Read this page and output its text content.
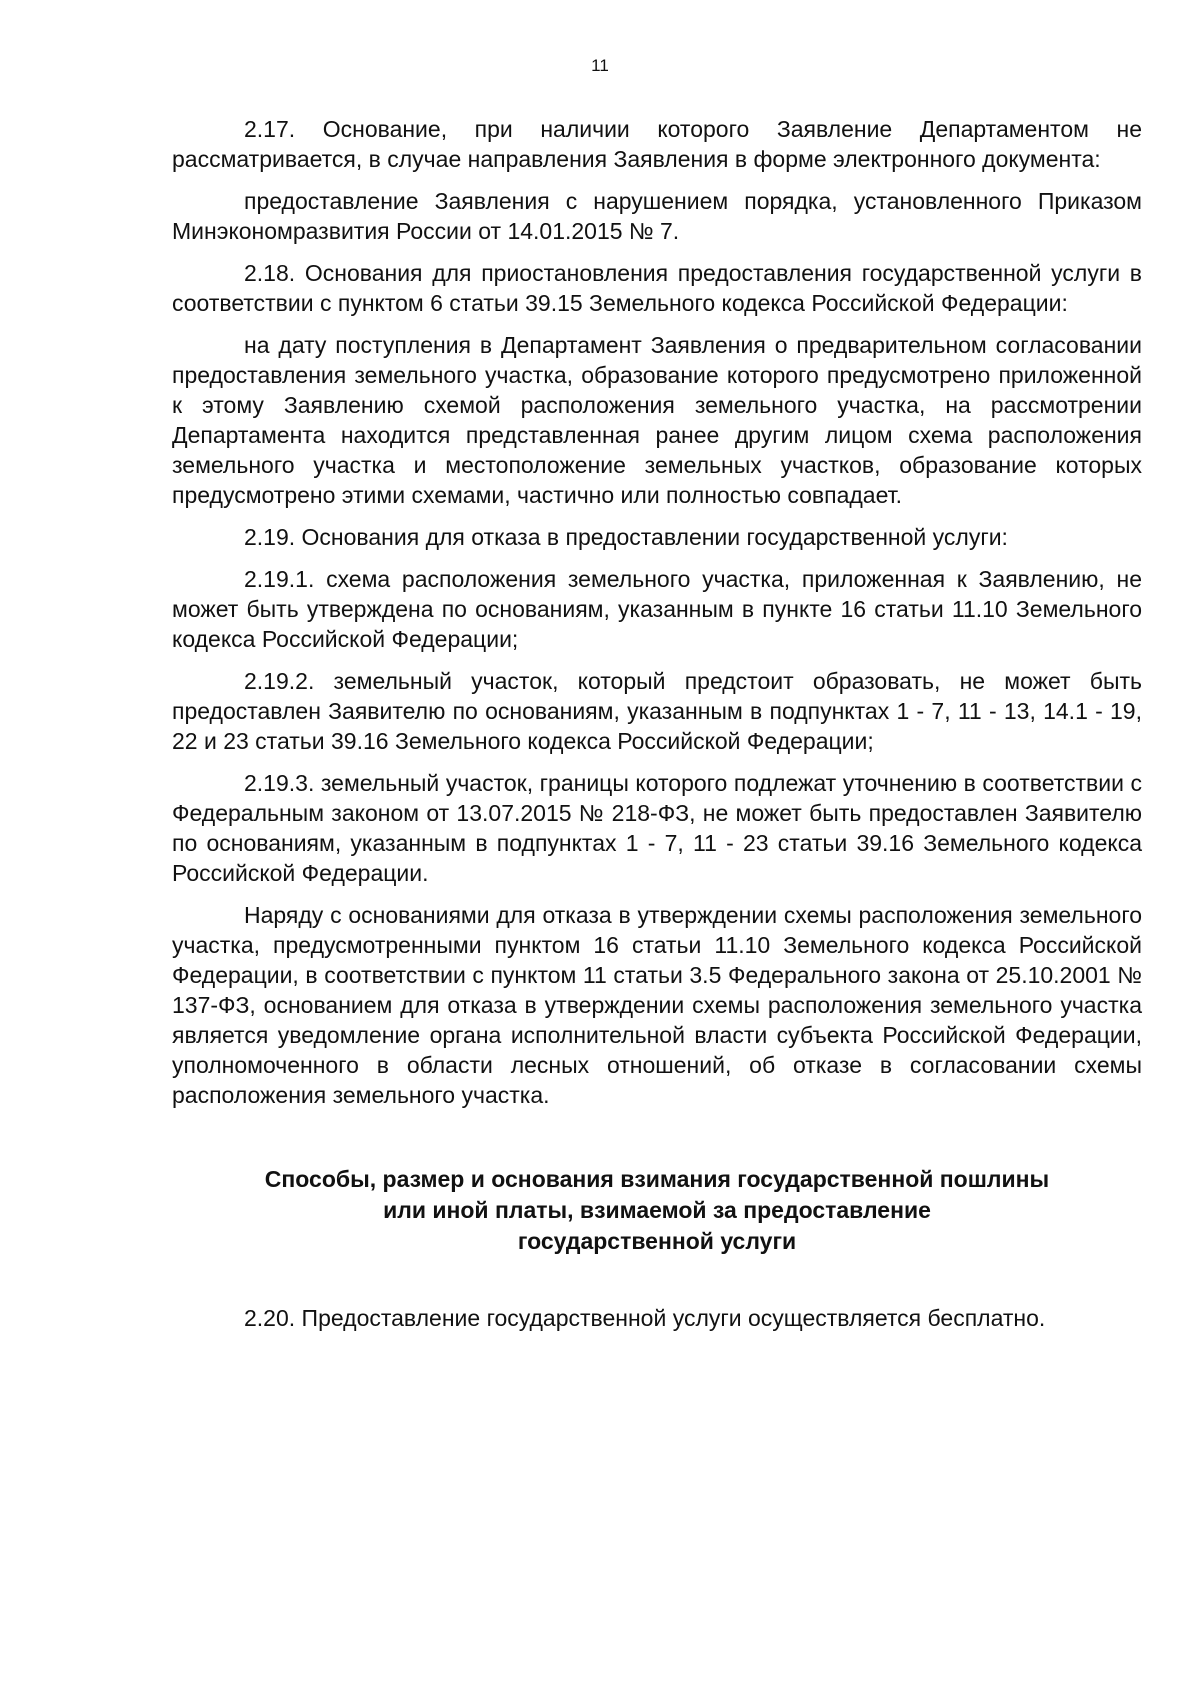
11

2.17. Основание, при наличии которого Заявление Департаментом не рассматривается, в случае направления Заявления в форме электронного документа:

предоставление Заявления с нарушением порядка, установленного Приказом Минэкономразвития России от 14.01.2015 № 7.

2.18. Основания для приостановления предоставления государственной услуги в соответствии с пунктом 6 статьи 39.15 Земельного кодекса Российской Федерации:

на дату поступления в Департамент Заявления о предварительном согласовании предоставления земельного участка, образование которого предусмотрено приложенной к этому Заявлению схемой расположения земельного участка, на рассмотрении Департамента находится представленная ранее другим лицом схема расположения земельного участка и местоположение земельных участков, образование которых предусмотрено этими схемами, частично или полностью совпадает.

2.19. Основания для отказа в предоставлении государственной услуги:

2.19.1. схема расположения земельного участка, приложенная к Заявлению, не может быть утверждена по основаниям, указанным в пункте 16 статьи 11.10 Земельного кодекса Российской Федерации;

2.19.2. земельный участок, который предстоит образовать, не может быть предоставлен Заявителю по основаниям, указанным в подпунктах 1 - 7, 11 - 13, 14.1 - 19, 22 и 23 статьи 39.16 Земельного кодекса Российской Федерации;

2.19.3. земельный участок, границы которого подлежат уточнению в соответствии с Федеральным законом от 13.07.2015 № 218-ФЗ, не может быть предоставлен Заявителю по основаниям, указанным в подпунктах 1 - 7, 11 - 23 статьи 39.16 Земельного кодекса Российской Федерации.

Наряду с основаниями для отказа в утверждении схемы расположения земельного участка, предусмотренными пунктом 16 статьи 11.10 Земельного кодекса Российской Федерации, в соответствии с пунктом 11 статьи 3.5 Федерального закона от 25.10.2001 № 137-ФЗ, основанием для отказа в утверждении схемы расположения земельного участка является уведомление органа исполнительной власти субъекта Российской Федерации, уполномоченного в области лесных отношений, об отказе в согласовании схемы расположения земельного участка.

Способы, размер и основания взимания государственной пошлины
или иной платы, взимаемой за предоставление
государственной услуги

2.20. Предоставление государственной услуги осуществляется бесплатно.
